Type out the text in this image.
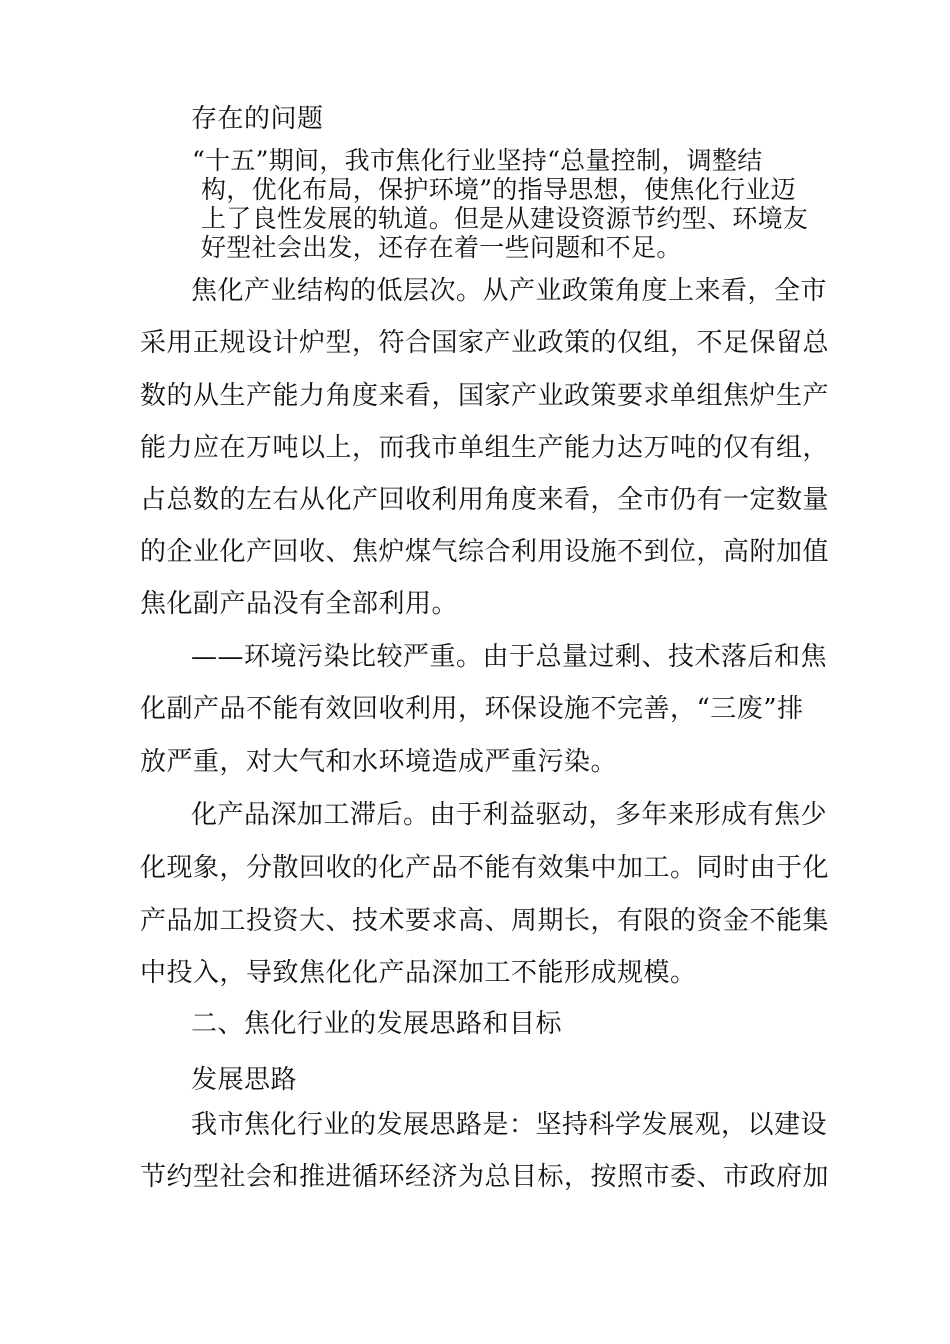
存在的问题
“十五”期间，我市焦化行业坚持“总量控制，调整结
构，优化布局，保护环境”的指导思想，使焦化行业迈
上了良性发展的轨道。但是从建设资源节约型、环境友
好型社会出发，还存在着一些问题和不足。
焦化产业结构的低层次。从产业政策角度上来看，全市
采用正规设计炉型，符合国家产业政策的仅组，不足保留总
数的从生产能力角度来看，国家产业政策要求单组焦炉生产
能力应在万吨以上，而我市单组生产能力达万吨的仅有组，
占总数的左右从化产回收利用角度来看，全市仍有一定数量
的企业化产回收、焦炉煤气综合利用设施不到位，高附加值
焦化副产品没有全部利用。
——环境污染比较严重。由于总量过剩、技术落后和焦
化副产品不能有效回收利用，环保设施不完善，“三废”排
放严重，对大气和水环境造成严重污染。
化产品深加工滞后。由于利益驱动，多年来形成有焦少
化现象，分散回收的化产品不能有效集中加工。同时由于化
产品加工投资大、技术要求高、周期长，有限的资金不能集
中投入，导致焦化化产品深加工不能形成规模。
二、焦化行业的发展思路和目标
发展思路
我市焦化行业的发展思路是：坚持科学发展观，以建设
节约型社会和推进循环经济为总目标，按照市委、市政府加
